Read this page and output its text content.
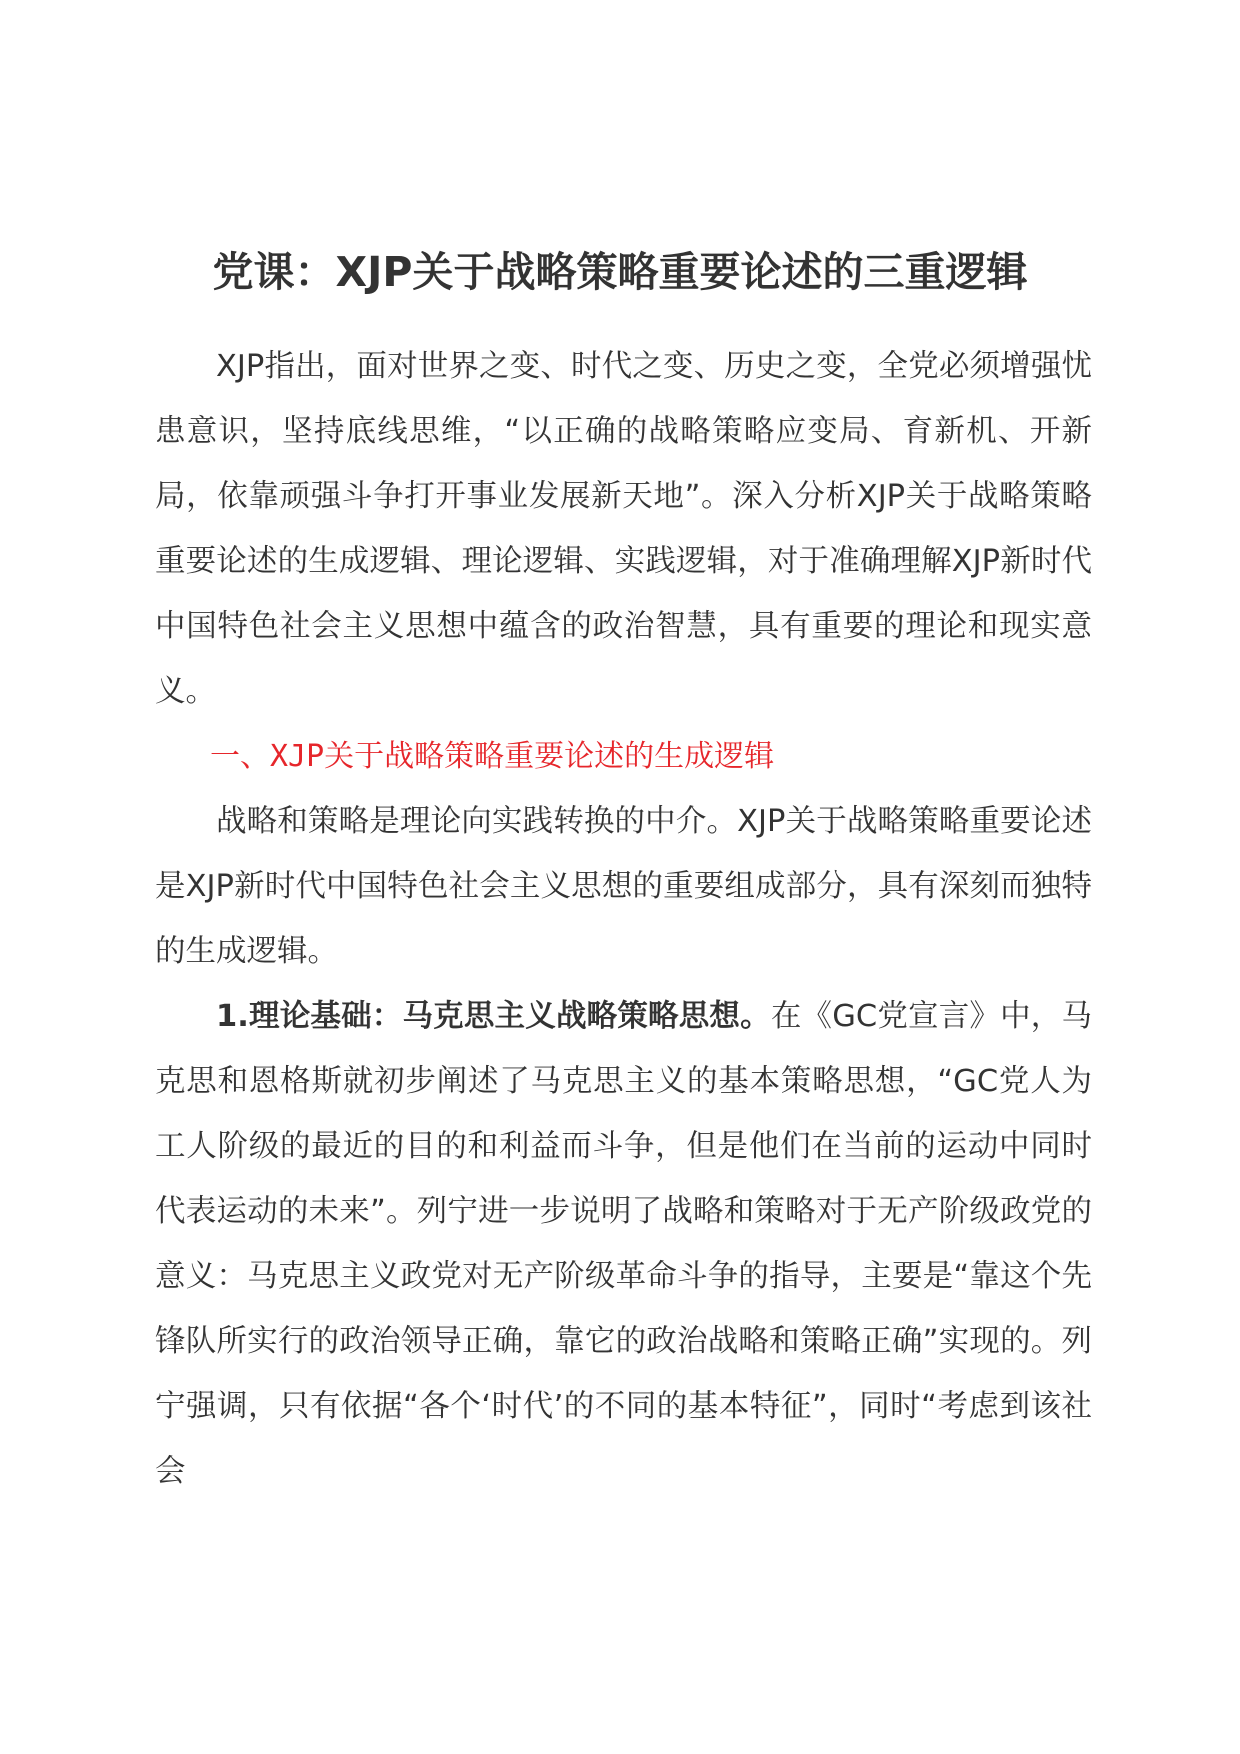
党课：XJP关于战略策略重要论述的三重逻辑

XJP指出，面对世界之变、时代之变、历史之变，全党必须增强忧患意识，坚持底线思维，“以正确的战略策略应变局、育新机、开新局，依靠顽强斗争打开事业发展新天地”。深入分析XJP关于战略策略重要论述的生成逻辑、理论逻辑、实践逻辑，对于准确理解XJP新时代中国特色社会主义思想中蕴含的政治智慧，具有重要的理论和现实意义。

一、XJP关于战略策略重要论述的生成逻辑

战略和策略是理论向实践转换的中介。XJP关于战略策略重要论述是XJP新时代中国特色社会主义思想的重要组成部分，具有深刻而独特的生成逻辑。

1.理论基础：马克思主义战略策略思想。在《GC党宣言》中，马克思和恩格斯就初步阐述了马克思主义的基本策略思想，“GC党人为工人阶级的最近的目的和利益而斗争，但是他们在当前的运动中同时代表运动的未来”。列宁进一步说明了战略和策略对于无产阶级政党的意义：马克思主义政党对无产阶级革命斗争的指导，主要是“靠这个先锋队所实行的政治领导正确，靠它的政治战略和策略正确”实现的。列宁强调，只有依据“各个‘时代’的不同的基本特征”，同时“考虑到该社会
